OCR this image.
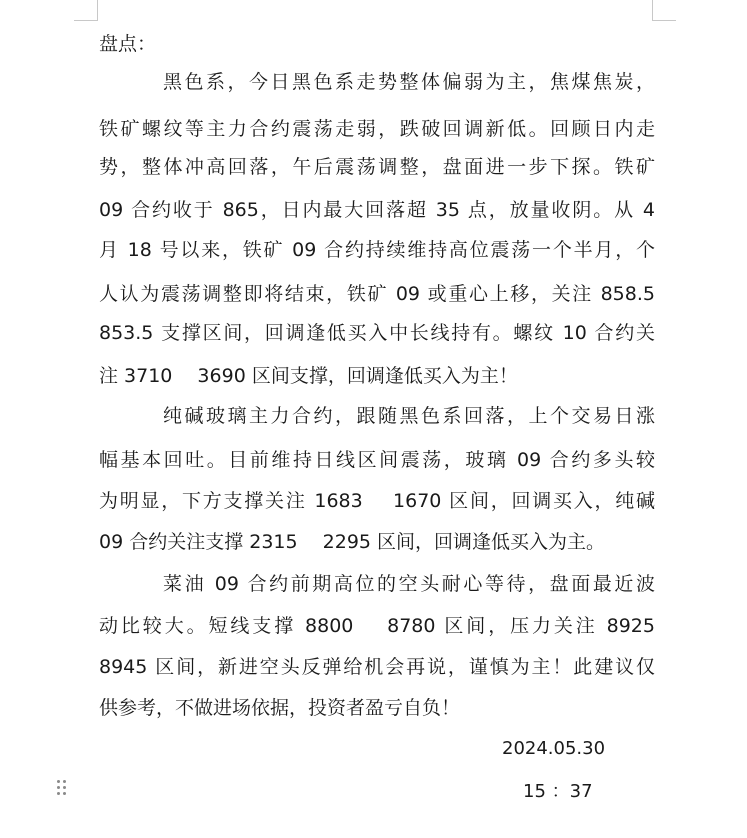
盘点：
黑色系，今日黑色系走势整体偏弱为主，焦煤焦炭，
铁矿螺纹等主力合约震荡走弱，跌破回调新低。回顾日内走
势，整体冲高回落，午后震荡调整，盘面进一步下探。铁矿
09 合约收于 865，日内最大回落超 35 点，放量收阴。从 4
月 18 号以来，铁矿 09 合约持续维持高位震荡一个半月，个
人认为震荡调整即将结束，铁矿 09 或重心上移，关注 858.5
853.5 支撑区间，回调逢低买入中长线持有。螺纹 10 合约关
注 3710　 3690 区间支撑，回调逢低买入为主！
纯碱玻璃主力合约，跟随黑色系回落，上个交易日涨
幅基本回吐。目前维持日线区间震荡，玻璃 09 合约多头较
为明显，下方支撑关注 1683　 1670 区间，回调买入，纯碱
09 合约关注支撑 2315　 2295 区间，回调逢低买入为主。
菜油 09 合约前期高位的空头耐心等待，盘面最近波
动比较大。短线支撑 8800　 8780 区间，压力关注 8925
8945 区间，新进空头反弹给机会再说，谨慎为主！此建议仅
供参考，不做进场依据，投资者盈亏自负！
2024.05.30
15 ：37
